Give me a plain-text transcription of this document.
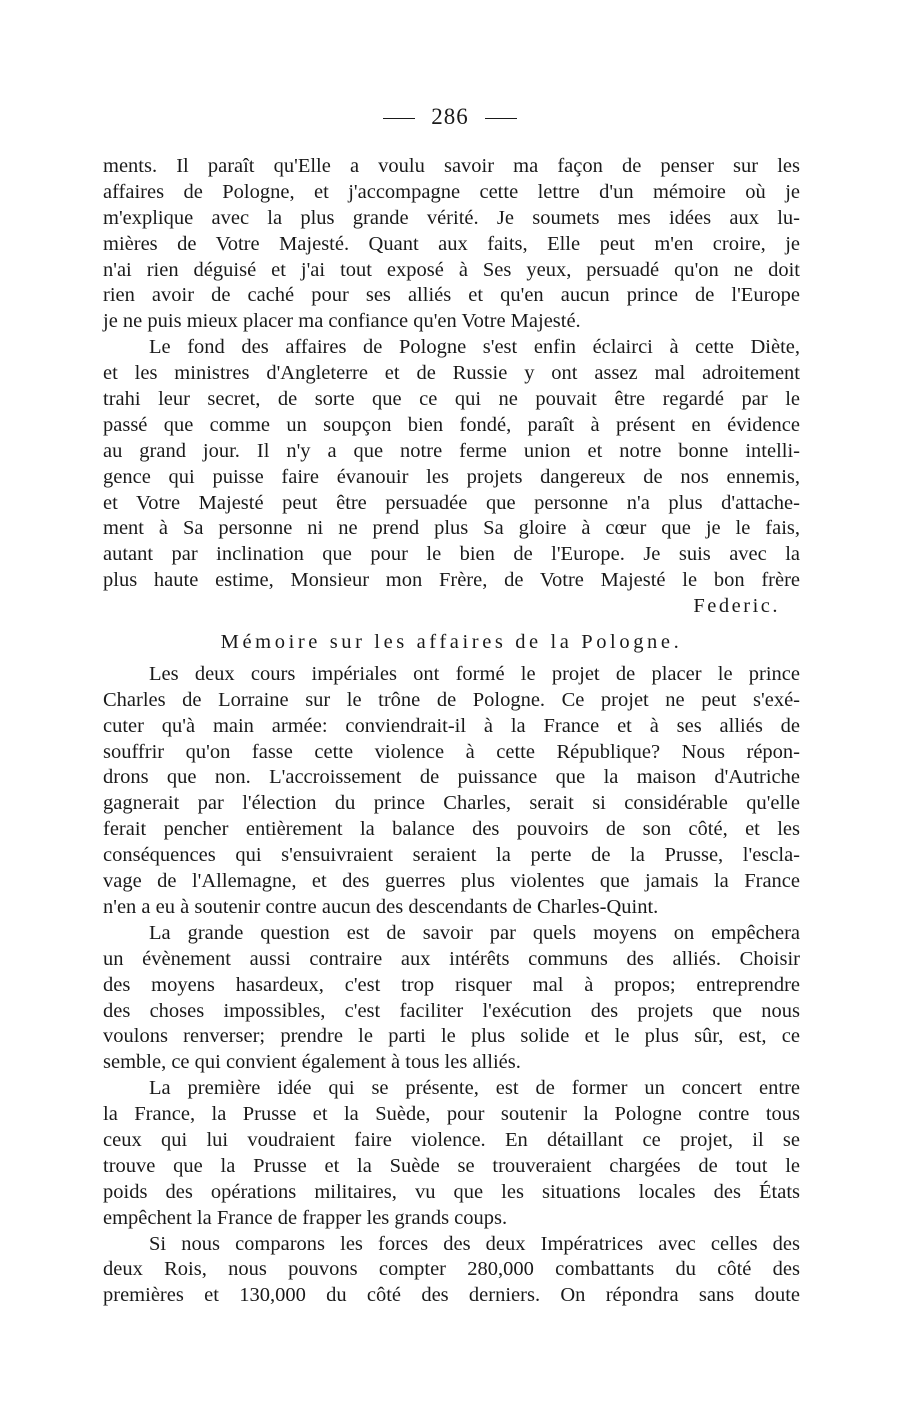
286
ments. Il paraît qu'Elle a voulu savoir ma façon de penser sur les
affaires de Pologne, et j'accompagne cette lettre d'un mémoire où je
m'explique avec la plus grande vérité. Je soumets mes idées aux lu-
mières de Votre Majesté. Quant aux faits, Elle peut m'en croire, je
n'ai rien déguisé et j'ai tout exposé à Ses yeux, persuadé qu'on ne doit
rien avoir de caché pour ses alliés et qu'en aucun prince de l'Europe
je ne puis mieux placer ma confiance qu'en Votre Majesté.
Le fond des affaires de Pologne s'est enfin éclairci à cette Diète,
et les ministres d'Angleterre et de Russie y ont assez mal adroitement
trahi leur secret, de sorte que ce qui ne pouvait être regardé par le
passé que comme un soupçon bien fondé, paraît à présent en évidence
au grand jour. Il n'y a que notre ferme union et notre bonne intelli-
gence qui puisse faire évanouir les projets dangereux de nos ennemis,
et Votre Majesté peut être persuadée que personne n'a plus d'attache-
ment à Sa personne ni ne prend plus Sa gloire à cœur que je le fais,
autant par inclination que pour le bien de l'Europe. Je suis avec la
plus haute estime, Monsieur mon Frère, de Votre Majesté le bon frère
Federic.
Mémoire sur les affaires de la Pologne.
Les deux cours impériales ont formé le projet de placer le prince
Charles de Lorraine sur le trône de Pologne. Ce projet ne peut s'exé-
cuter qu'à main armée: conviendrait-il à la France et à ses alliés de
souffrir qu'on fasse cette violence à cette République? Nous répon-
drons que non. L'accroissement de puissance que la maison d'Autriche
gagnerait par l'élection du prince Charles, serait si considérable qu'elle
ferait pencher entièrement la balance des pouvoirs de son côté, et les
conséquences qui s'ensuivraient seraient la perte de la Prusse, l'escla-
vage de l'Allemagne, et des guerres plus violentes que jamais la France
n'en a eu à soutenir contre aucun des descendants de Charles-Quint.
La grande question est de savoir par quels moyens on empêchera
un évènement aussi contraire aux intérêts communs des alliés. Choisir
des moyens hasardeux, c'est trop risquer mal à propos; entreprendre
des choses impossibles, c'est faciliter l'exécution des projets que nous
voulons renverser; prendre le parti le plus solide et le plus sûr, est, ce
semble, ce qui convient également à tous les alliés.
La première idée qui se présente, est de former un concert entre
la France, la Prusse et la Suède, pour soutenir la Pologne contre tous
ceux qui lui voudraient faire violence. En détaillant ce projet, il se
trouve que la Prusse et la Suède se trouveraient chargées de tout le
poids des opérations militaires, vu que les situations locales des États
empêchent la France de frapper les grands coups.
Si nous comparons les forces des deux Impératrices avec celles des
deux Rois, nous pouvons compter 280,000 combattants du côté des
premières et 130,000 du côté des derniers. On répondra sans doute
